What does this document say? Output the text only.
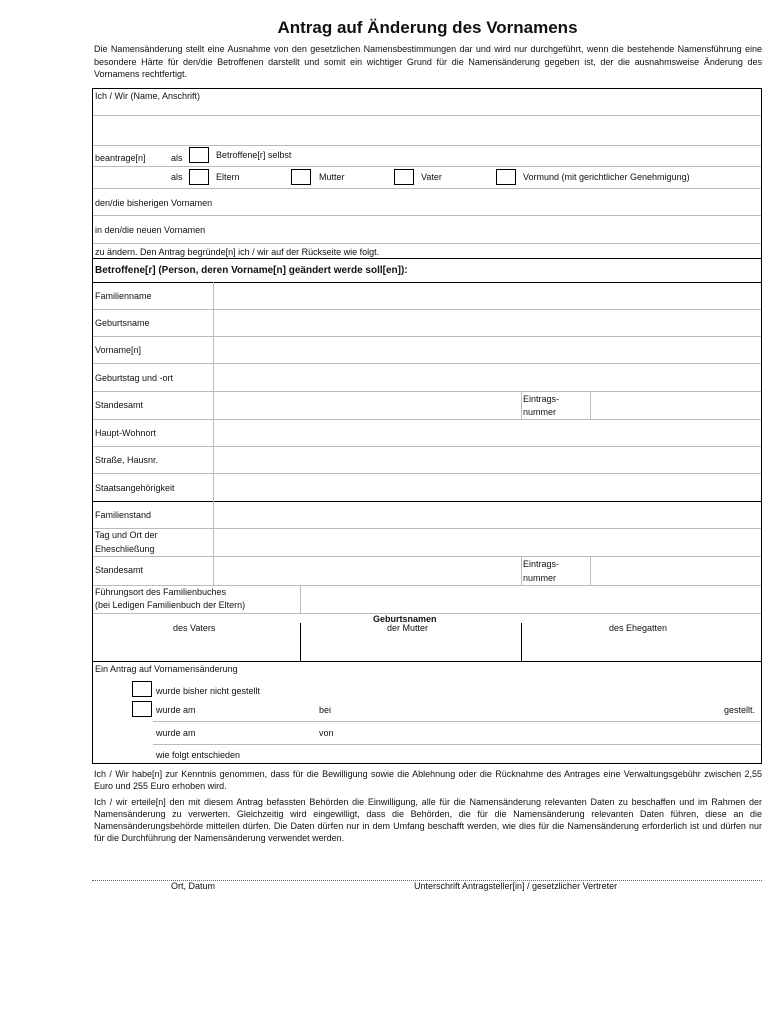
Antrag auf Änderung des Vornamens
Die Namensänderung stellt eine Ausnahme von den gesetzlichen Namensbestimmungen dar und wird nur durchgeführt, wenn die bestehende Namensführung eine besondere Härte für den/die Betroffenen darstellt und somit ein wichtiger Grund für die Namensänderung gegeben ist, der die ausnahmsweise Änderung des Vornamens rechtfertigt.
Ich / Wir (Name, Anschrift)
beantrage[n]	als	Betroffene[r] selbst
als	Eltern	Mutter	Vater	Vormund (mit gerichtlicher Genehmigung)
den/die bisherigen Vornamen
in den/die neuen Vornamen
zu ändern. Den Antrag begründe[n] ich / wir auf der Rückseite wie folgt.
Betroffene[r] (Person, deren Vorname[n] geändert werde soll[en]):
Familienname
Geburtsname
Vorname[n]
Geburtstag und -ort
Standesamt
Eintrags-
nummer
Haupt-Wohnort
Straße, Hausnr.
Staatsangehörigkeit
Familienstand
Tag und Ort der
Eheschließung
Standesamt
Eintrags-
nummer
Führungsort des Familienbuches
(bei Ledigen Familienbuch der Eltern)
Geburtsnamen
des Vaters	der Mutter	des Ehegatten
Ein Antrag auf Vornamensänderung
wurde bisher nicht gestellt
wurde am	bei	gestellt.
wurde am	von
wie folgt entschieden
Ich / Wir habe[n] zur Kenntnis genommen, dass für die Bewilligung sowie die Ablehnung oder die Rücknahme des Antrages eine Verwaltungsgebühr zwischen 2,55 Euro und 255 Euro erhoben wird.
Ich / wir erteile[n] den mit diesem Antrag befassten Behörden die Einwilligung, alle für die Namensänderung relevanten Daten zu beschaffen und im Rahmen der Namensänderung zu verwerten. Gleichzeitig wird eingewilligt, dass die Behörden, die für die Namensänderung relevanten Daten führen, diese an die Namensänderungsbehörde mitteilen dürfen. Die Daten dürfen nur in dem Umfang beschafft werden, wie dies für die Namensänderung erforderlich ist und dürfen nur für die Durchführung der Namensänderung verwendet werden.
Ort, Datum	Unterschrift Antragsteller[in] / gesetzlicher Vertreter
